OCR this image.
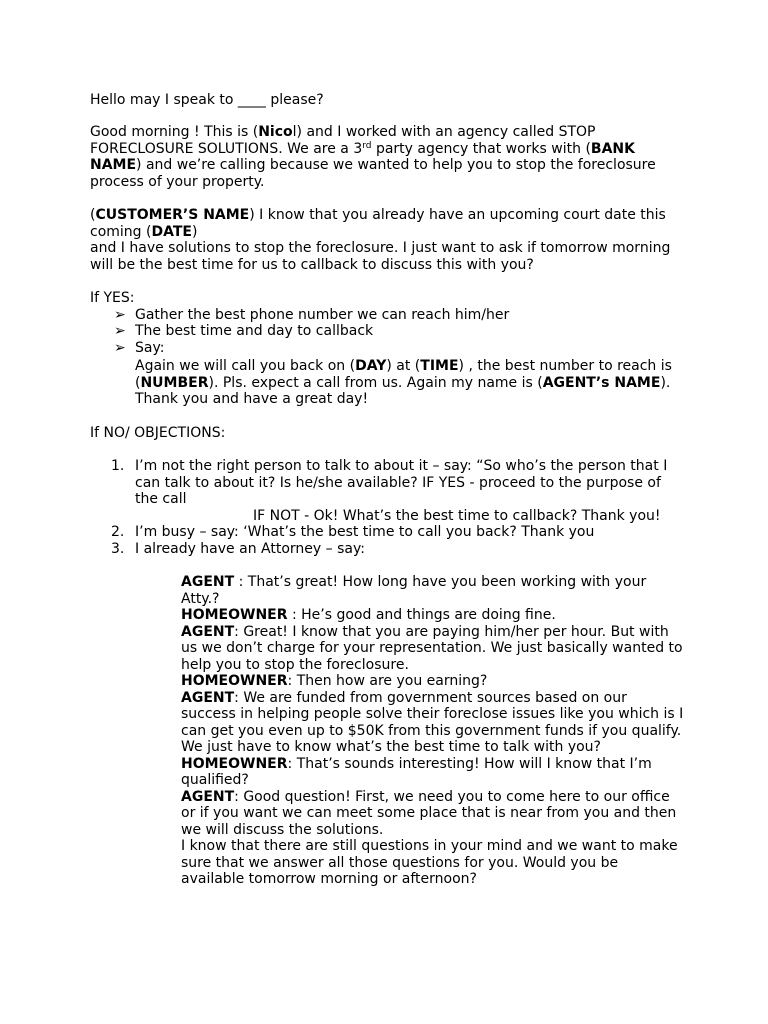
Hello may I speak to ____ please?

Good morning ! This is (Nicol) and I worked with an agency called STOP

FORECLOSURE SOLUTIONS. We are a 3rd party agency that works with (BANK

NAME) and we’re calling because we wanted to help you to stop the foreclosure

process of your property.

(CUSTOMER’S NAME) I know that you already have an upcoming court date this

coming (DATE)

and I have solutions to stop the foreclosure. I just want to ask if tomorrow morning

will be the best time for us to callback to discuss this with you?

If YES:

➢ Gather the best phone number we can reach him/her

➢ The best time and day to callback

➢ Say:

Again we will call you back on (DAY) at (TIME) , the best number to reach is

(NUMBER). Pls. expect a call from us. Again my name is (AGENT’s NAME).

Thank you and have a great day!

If NO/ OBJECTIONS:

1. I’m not the right person to talk to about it – say: “So who’s the person that I

can talk to about it? Is he/she available? IF YES - proceed to the purpose of

the call

IF NOT - Ok! What’s the best time to callback? Thank you!

2. I’m busy – say: ‘What’s the best time to call you back? Thank you

3. I already have an Attorney – say:

AGENT : That’s great! How long have you been working with your

Atty.?

HOMEOWNER : He’s good and things are doing fine.

AGENT: Great! I know that you are paying him/her per hour. But with

us we don’t charge for your representation. We just basically wanted to

help you to stop the foreclosure.

HOMEOWNER: Then how are you earning?

AGENT: We are funded from government sources based on our

success in helping people solve their foreclose issues like you which is I

can get you even up to $50K from this government funds if you qualify.

We just have to know what’s the best time to talk with you?

HOMEOWNER: That’s sounds interesting! How will I know that I’m

qualified?

AGENT: Good question! First, we need you to come here to our office

or if you want we can meet some place that is near from you and then

we will discuss the solutions.

I know that there are still questions in your mind and we want to make

sure that we answer all those questions for you. Would you be

available tomorrow morning or afternoon?
